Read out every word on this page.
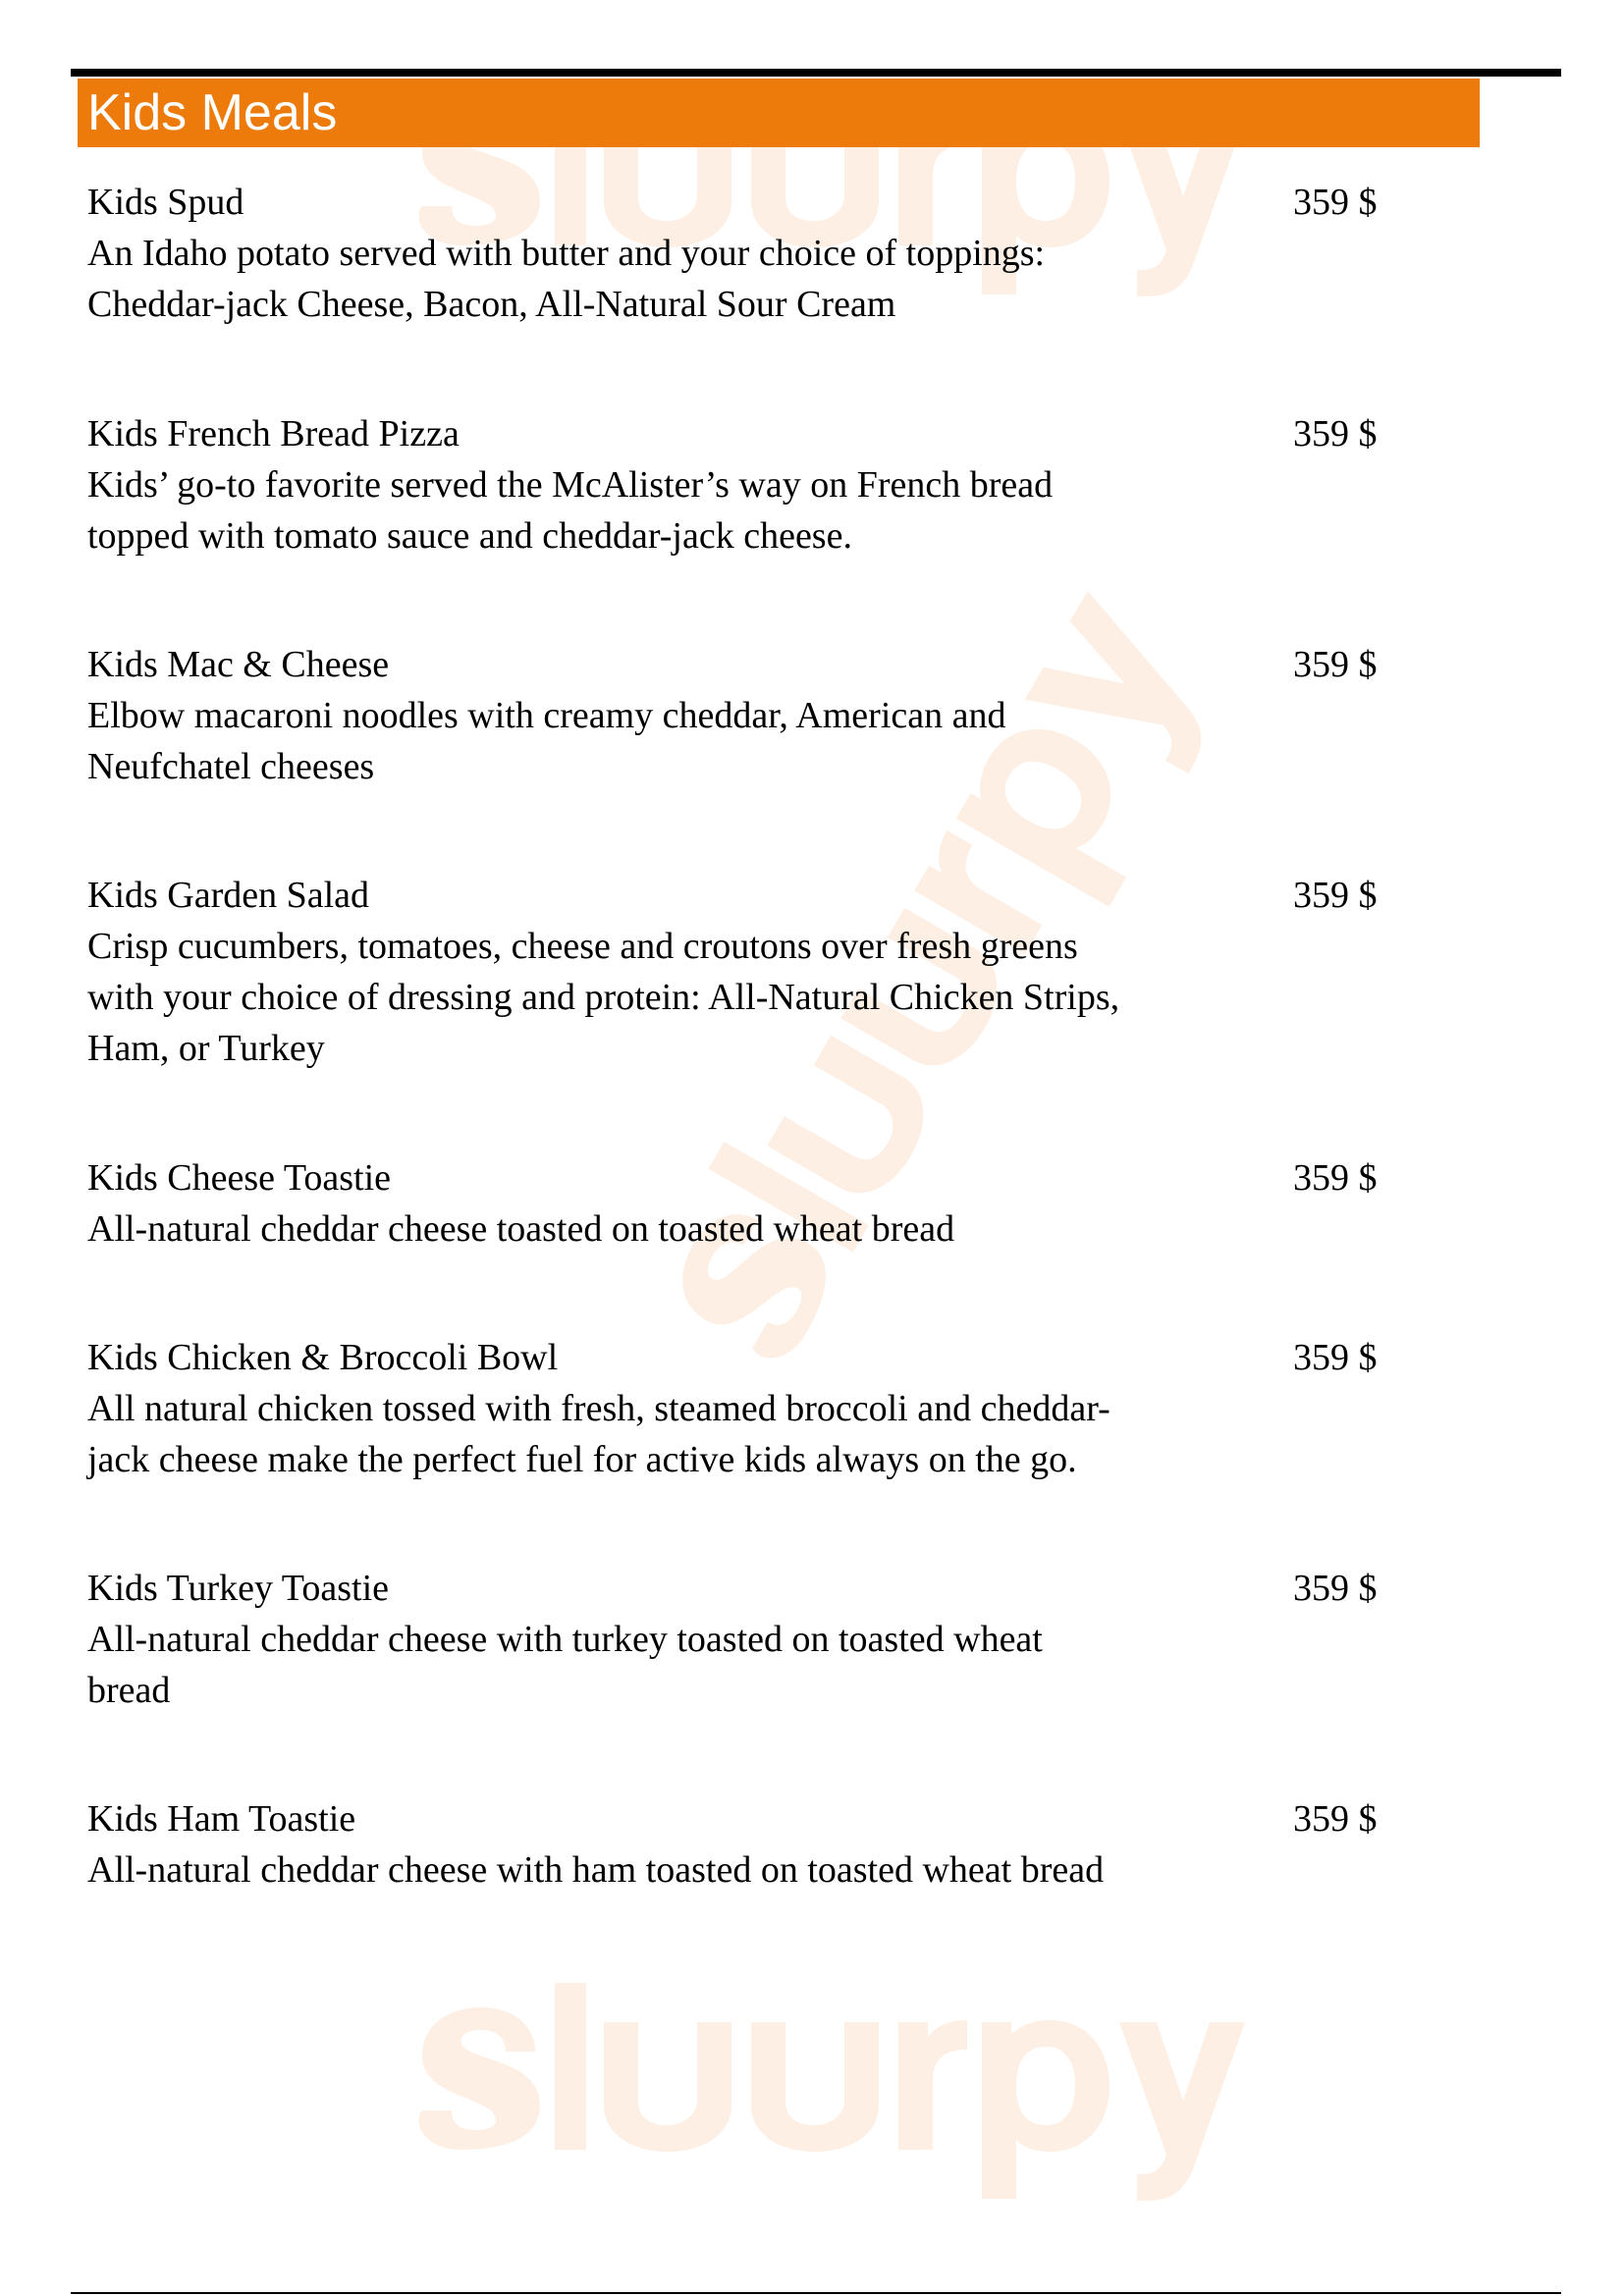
Kids Meals
Kids Spud
An Idaho potato served with butter and your choice of toppings:
Cheddar-jack Cheese, Bacon, All-Natural Sour Cream
359 $
Kids French Bread Pizza
Kids’ go-to favorite served the McAlister’s way on French bread
topped with tomato sauce and cheddar-jack cheese.
359 $
Kids Mac & Cheese
Elbow macaroni noodles with creamy cheddar, American and
Neufchatel cheeses
359 $
Kids Garden Salad
Crisp cucumbers, tomatoes, cheese and croutons over fresh greens
with your choice of dressing and protein: All-Natural Chicken Strips,
Ham, or Turkey
359 $
Kids Cheese Toastie
All-natural cheddar cheese toasted on toasted wheat bread
359 $
Kids Chicken & Broccoli Bowl
All natural chicken tossed with fresh, steamed broccoli and cheddar-
jack cheese make the perfect fuel for active kids always on the go.
359 $
Kids Turkey Toastie
All-natural cheddar cheese with turkey toasted on toasted wheat
bread
359 $
Kids Ham Toastie
All-natural cheddar cheese with ham toasted on toasted wheat bread
359 $
